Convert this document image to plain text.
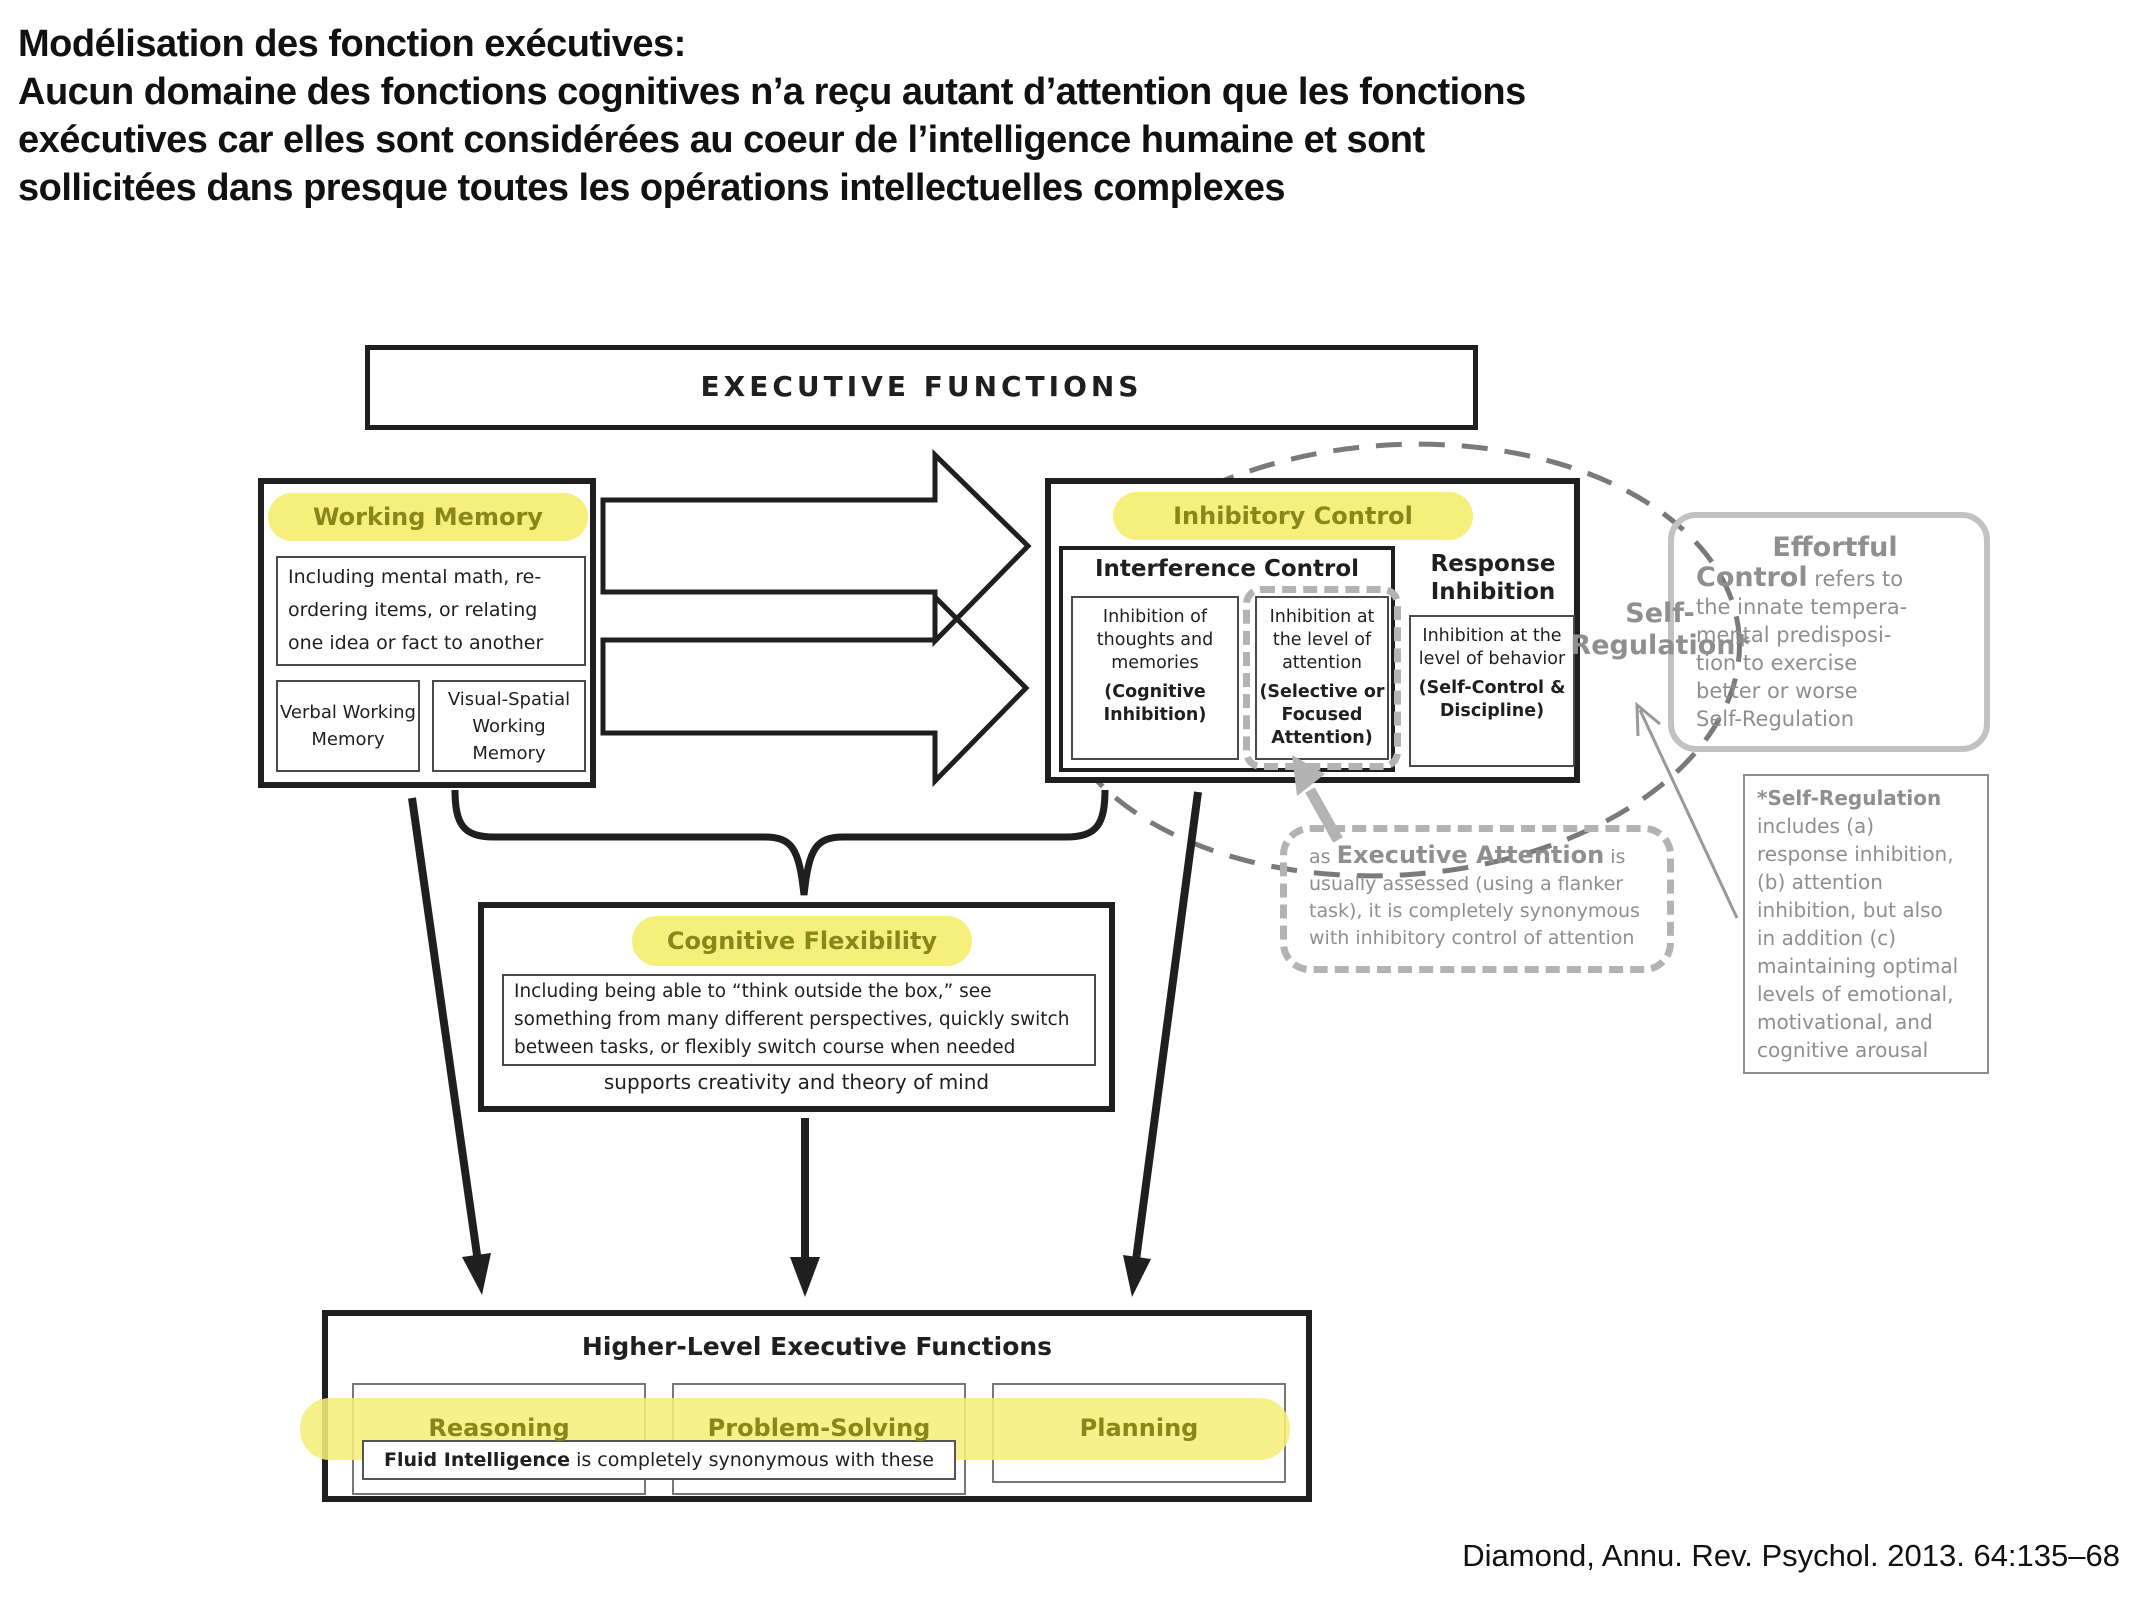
Modélisation des fonction exécutives:
Aucun domaine des fonctions cognitives n’a reçu autant d’attention que les fonctions
exécutives car elles sont considérées au coeur de l’intelligence humaine et sont
sollicitées dans presque toutes les opérations intellectuelles complexes
EXECUTIVE FUNCTIONS
Working Memory
Including mental math, re-
ordering items, or relating
one idea or fact to another
Verbal Working Memory
Visual-Spatial Working Memory
Inhibitory Control
Interference Control
Inhibition of thoughts and memories
(Cognitive Inhibition)
Inhibition at the level of attention
(Selective or Focused Attention)
Response Inhibition
Inhibition at the level of behavior
(Self-Control & Discipline)
Self-
Regulation*
Effortful
Control refers to
the innate tempera-
mental predisposi-
tion to exercise
better or worse
Self-Regulation
*Self-Regulation
includes (a)
response inhibition,
(b) attention
inhibition, but also
in addition (c)
maintaining optimal
levels of emotional,
motivational, and
cognitive arousal
as Executive Attention is
usually assessed (using a flanker
task), it is completely synonymous
with inhibitory control of attention
Cognitive Flexibility
Including being able to “think outside the box,” see
something from many different perspectives, quickly switch
between tasks, or flexibly switch course when needed
supports creativity and theory of mind
Higher-Level Executive Functions
Fluid Intelligence is completely synonymous with these
Reasoning	Problem-Solving	Planning
Diamond, Annu. Rev. Psychol. 2013. 64:135–68
